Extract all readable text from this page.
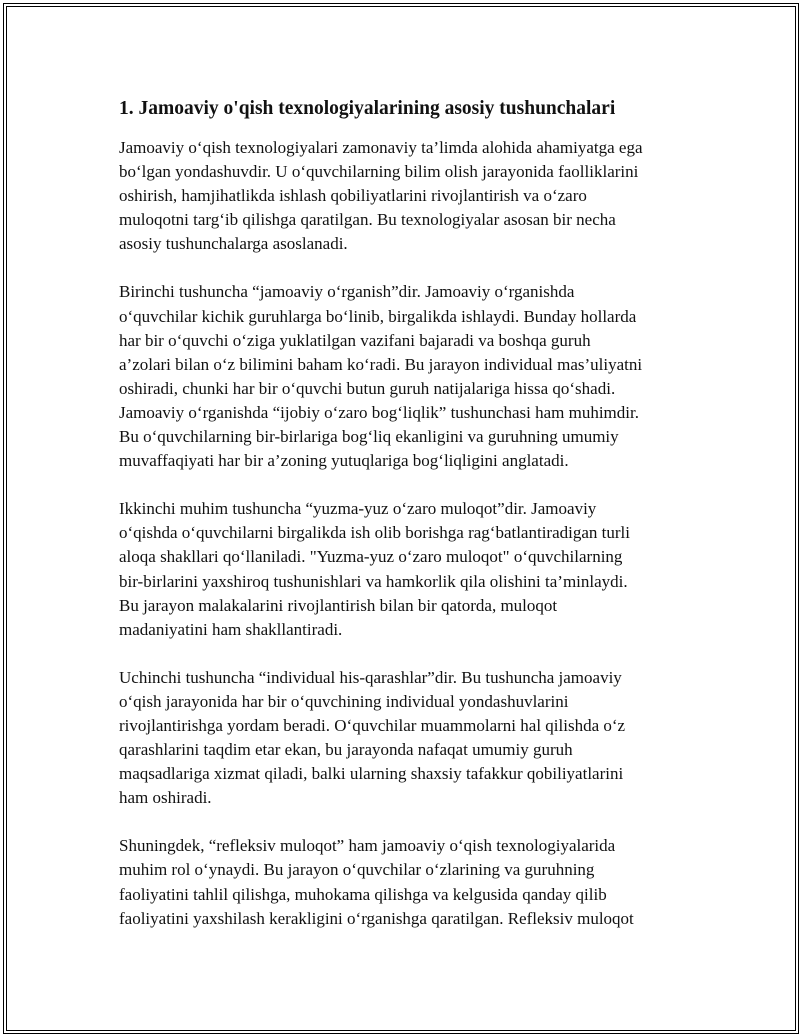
1. Jamoaviy o'qish texnologiyalarining asosiy tushunchalari

Jamoaviy o‘qish texnologiyalari zamonaviy ta’limda alohida ahamiyatga ega
bo‘lgan yondashuvdir. U o‘quvchilarning bilim olish jarayonida faolliklarini
oshirish, hamjihatlikda ishlash qobiliyatlarini rivojlantirish va o‘zaro
muloqotni targ‘ib qilishga qaratilgan. Bu texnologiyalar asosan bir necha
asosiy tushunchalarga asoslanadi.

Birinchi tushuncha “jamoaviy o‘rganish”dir. Jamoaviy o‘rganishda
o‘quvchilar kichik guruhlarga bo‘linib, birgalikda ishlaydi. Bunday hollarda
har bir o‘quvchi o‘ziga yuklatilgan vazifani bajaradi va boshqa guruh
a’zolari bilan o‘z bilimini baham ko‘radi. Bu jarayon individual mas’uliyatni
oshiradi, chunki har bir o‘quvchi butun guruh natijalariga hissa qo‘shadi.
Jamoaviy o‘rganishda “ijobiy o‘zaro bog‘liqlik” tushunchasi ham muhimdir.
Bu o‘quvchilarning bir-birlariga bog‘liq ekanligini va guruhning umumiy
muvaffaqiyati har bir a’zoning yutuqlariga bog‘liqligini anglatadi.

Ikkinchi muhim tushuncha “yuzma-yuz o‘zaro muloqot”dir. Jamoaviy
o‘qishda o‘quvchilarni birgalikda ish olib borishga rag‘batlantiradigan turli
aloqa shakllari qo‘llaniladi. "Yuzma-yuz o‘zaro muloqot" o‘quvchilarning
bir-birlarini yaxshiroq tushunishlari va hamkorlik qila olishini ta’minlaydi.
Bu jarayon malakalarini rivojlantirish bilan bir qatorda, muloqot
madaniyatini ham shakllantiradi.

Uchinchi tushuncha “individual his-qarashlar”dir. Bu tushuncha jamoaviy
o‘qish jarayonida har bir o‘quvchining individual yondashuvlarini
rivojlantirishga yordam beradi. O‘quvchilar muammolarni hal qilishda o‘z
qarashlarini taqdim etar ekan, bu jarayonda nafaqat umumiy guruh
maqsadlariga xizmat qiladi, balki ularning shaxsiy tafakkur qobiliyatlarini
ham oshiradi.

Shuningdek, “refleksiv muloqot” ham jamoaviy o‘qish texnologiyalarida
muhim rol o‘ynaydi. Bu jarayon o‘quvchilar o‘zlarining va guruhning
faoliyatini tahlil qilishga, muhokama qilishga va kelgusida qanday qilib
faoliyatini yaxshilash kerakligini o‘rganishga qaratilgan. Refleksiv muloqot
